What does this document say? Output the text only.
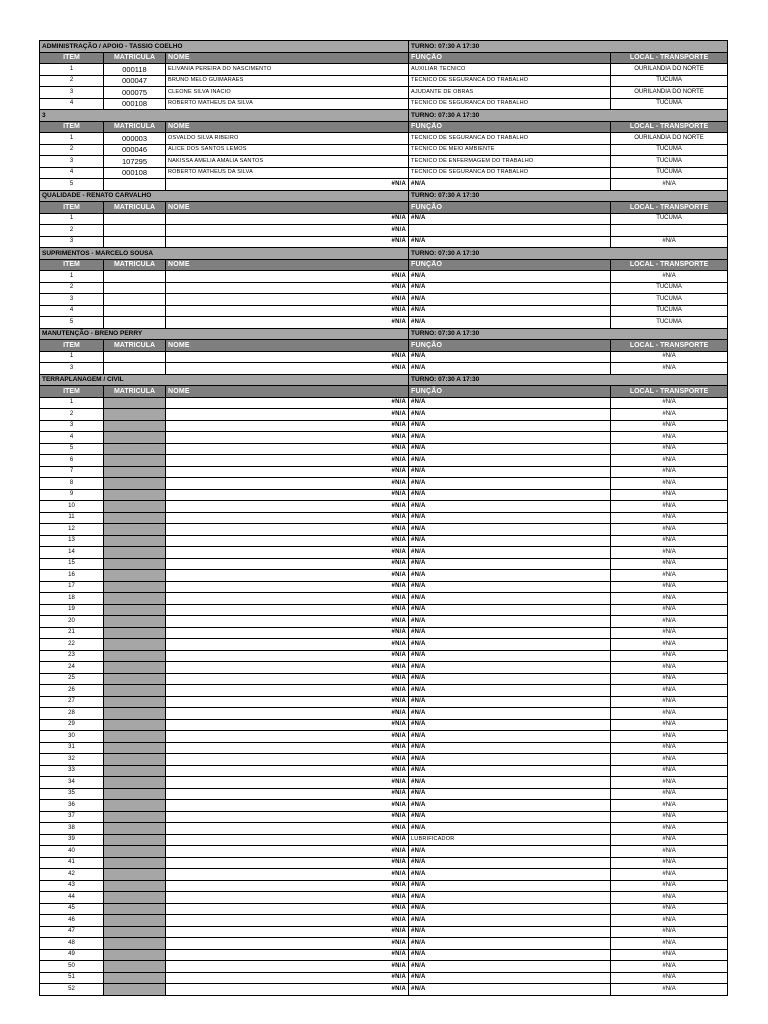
ADMINISTRAÇÃO / APOIO - TASSIO COELHO			TURNO: 07:30 A 17:30	
ITEM	MATRICULA	NOME	FUNÇÃO	LOCAL - TRANSPORTE
1	000118	ELIVANIA PEREIRA DO NASCIMENTO	AUXILIAR TECNICO	OURILANDIA DO NORTE
2	000047	BRUNO MELO GUIMARAES	TECNICO DE SEGURANCA DO TRABALHO	TUCUMA
3	000075	CLEONE SILVA INACIO	AJUDANTE DE OBRAS	OURILANDIA DO NORTE
4	000108	ROBERTO MATHEUS DA SILVA	TECNICO DE SEGURANCA DO TRABALHO	TUCUMA
3			TURNO: 07:30 A 17:30	
ITEM	MATRICULA	NOME	FUNÇÃO	LOCAL - TRANSPORTE
1	000003	OSVALDO SILVA RIBEIRO	TECNICO DE SEGURANCA DO TRABALHO	OURILANDIA DO NORTE
2	000046	ALICE DOS SANTOS LEMOS	TECNICO DE MEIO AMBIENTE	TUCUMA
3	107295	NAKISSA AMELIA AMALIA SANTOS	TECNICO DE ENFERMAGEM DO TRABALHO	TUCUMA
4	000108	ROBERTO MATHEUS DA SILVA	TECNICO DE SEGURANCA DO TRABALHO	TUCUMA
5		#N/A	#N/A	#N/A
QUALIDADE - RENATO CARVALHO			TURNO: 07:30 A 17:30	
ITEM	MATRICULA	NOME	FUNÇÃO	LOCAL - TRANSPORTE
1		#N/A	#N/A	TUCUMA
2		#N/A		
3		#N/A	#N/A	#N/A
SUPRIMENTOS - MARCELO SOUSA			TURNO: 07:30 A 17:30	
ITEM	MATRICULA	NOME	FUNÇÃO	LOCAL - TRANSPORTE
1		#N/A	#N/A	#N/A
2		#N/A	#N/A	TUCUMA
3		#N/A	#N/A	TUCUMA
4		#N/A	#N/A	TUCUMA
5		#N/A	#N/A	TUCUMA
MANUTENÇÃO - BRENO PERRY			TURNO: 07:30 A 17:30	
ITEM	MATRICULA	NOME	FUNÇÃO	LOCAL - TRANSPORTE
1		#N/A	#N/A	#N/A
3		#N/A	#N/A	#N/A
TERRAPLANAGEM / CIVIL			TURNO: 07:30 A 17:30	
ITEM	MATRICULA	NOME	FUNÇÃO	LOCAL - TRANSPORTE
1		#N/A	#N/A	#N/A
2		#N/A	#N/A	#N/A
3		#N/A	#N/A	#N/A
4		#N/A	#N/A	#N/A
5		#N/A	#N/A	#N/A
6		#N/A	#N/A	#N/A
7		#N/A	#N/A	#N/A
8		#N/A	#N/A	#N/A
9		#N/A	#N/A	#N/A
10		#N/A	#N/A	#N/A
11		#N/A	#N/A	#N/A
12		#N/A	#N/A	#N/A
13		#N/A	#N/A	#N/A
14		#N/A	#N/A	#N/A
15		#N/A	#N/A	#N/A
16		#N/A	#N/A	#N/A
17		#N/A	#N/A	#N/A
18		#N/A	#N/A	#N/A
19		#N/A	#N/A	#N/A
20		#N/A	#N/A	#N/A
21		#N/A	#N/A	#N/A
22		#N/A	#N/A	#N/A
23		#N/A	#N/A	#N/A
24		#N/A	#N/A	#N/A
25		#N/A	#N/A	#N/A
26		#N/A	#N/A	#N/A
27		#N/A	#N/A	#N/A
28		#N/A	#N/A	#N/A
29		#N/A	#N/A	#N/A
30		#N/A	#N/A	#N/A
31		#N/A	#N/A	#N/A
32		#N/A	#N/A	#N/A
33		#N/A	#N/A	#N/A
34		#N/A	#N/A	#N/A
35		#N/A	#N/A	#N/A
36		#N/A	#N/A	#N/A
37		#N/A	#N/A	#N/A
38		#N/A	#N/A	#N/A
39		#N/A	LUBRIFICADOR	#N/A
40		#N/A	#N/A	#N/A
41		#N/A	#N/A	#N/A
42		#N/A	#N/A	#N/A
43		#N/A	#N/A	#N/A
44		#N/A	#N/A	#N/A
45		#N/A	#N/A	#N/A
46		#N/A	#N/A	#N/A
47		#N/A	#N/A	#N/A
48		#N/A	#N/A	#N/A
49		#N/A	#N/A	#N/A
50		#N/A	#N/A	#N/A
51		#N/A	#N/A	#N/A
52		#N/A	#N/A	#N/A
